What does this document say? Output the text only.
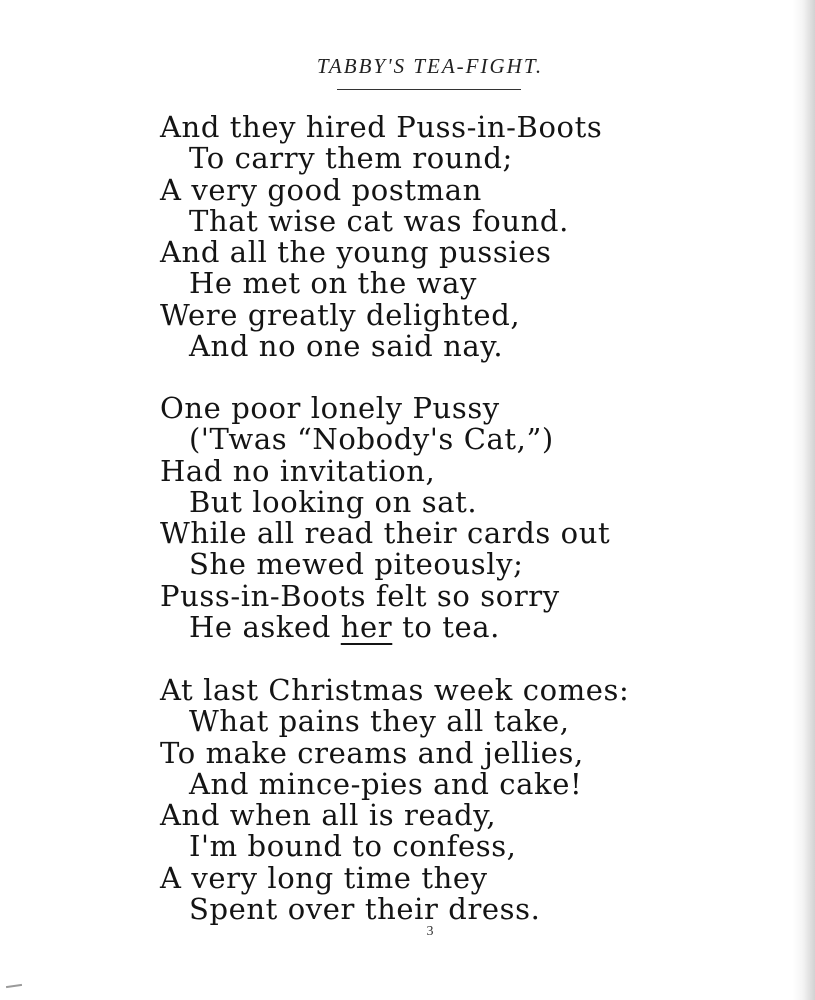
TABBY'S TEA-FIGHT.
And they hired Puss-in-Boots
To carry them round;
A very good postman
That wise cat was found.
And all the young pussies
He met on the way
Were greatly delighted,
And no one said nay.
One poor lonely Pussy
('Twas “Nobody's Cat,”)
Had no invitation,
But looking on sat.
While all read their cards out
She mewed piteously;
Puss-in-Boots felt so sorry
He asked her to tea.
At last Christmas week comes:
What pains they all take,
To make creams and jellies,
And mince-pies and cake!
And when all is ready,
I'm bound to confess,
A very long time they
Spent over their dress.
3
